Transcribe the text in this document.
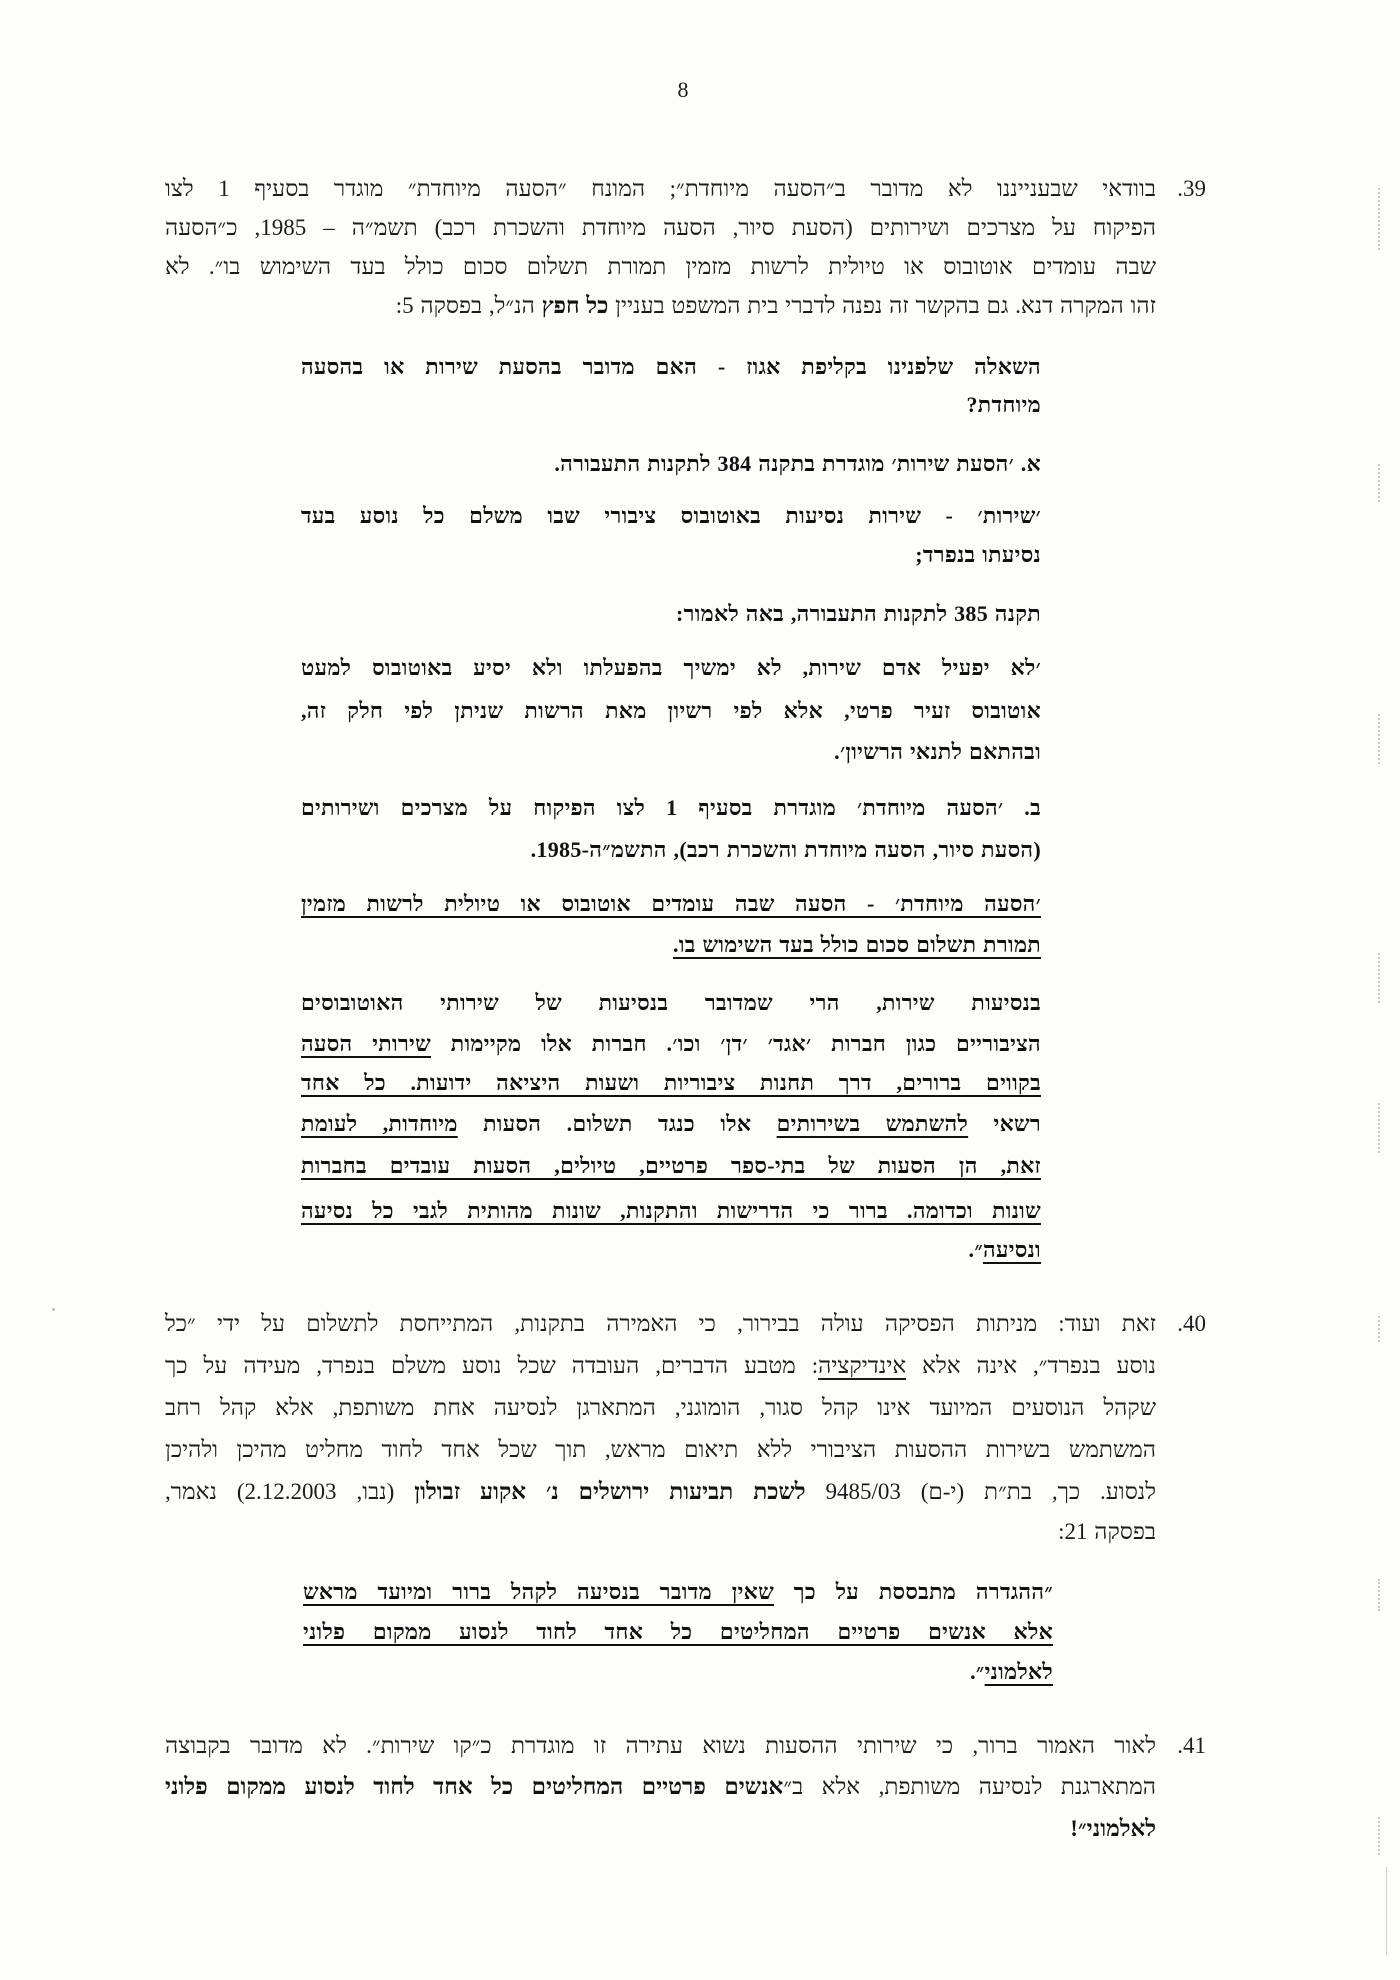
8
39.
בוודאי שבענייננו לא מדובר ב״הסעה מיוחדת״; המונח ״הסעה מיוחדת״ מוגדר בסעיף 1 לצו
הפיקוח על מצרכים ושירותים (הסעת סיור, הסעה מיוחדת והשכרת רכב) תשמ״ה – 1985, כ״הסעה
שבה עומדים אוטובוס או טיולית לרשות מזמין תמורת תשלום סכום כולל בעד השימוש בו״. לא
זהו המקרה דנא. גם בהקשר זה נפנה לדברי בית המשפט בעניין כל חפץ הנ״ל, בפסקה 5:
השאלה שלפנינו בקליפת אגוז - האם מדובר בהסעת שירות או בהסעה
מיוחדת?
א. ׳הסעת שירות׳ מוגדרת בתקנה 384 לתקנות התעבורה.
׳שירות׳ - שירות נסיעות באוטובוס ציבורי שבו משלם כל נוסע בעד
נסיעתו בנפרד;
תקנה 385 לתקנות התעבורה, באה לאמור:
׳לא יפעיל אדם שירות, לא ימשיך בהפעלתו ולא יסיע באוטובוס למעט
אוטובוס זעיר פרטי, אלא לפי רשיון מאת הרשות שניתן לפי חלק זה,
ובהתאם לתנאי הרשיון׳.
ב. ׳הסעה מיוחדת׳ מוגדרת בסעיף 1 לצו הפיקוח על מצרכים ושירותים
(הסעת סיור, הסעה מיוחדת והשכרת רכב), התשמ״ה-1985.
׳הסעה מיוחדת׳ - הסעה שבה עומדים אוטובוס או טיולית לרשות מזמין
תמורת תשלום סכום כולל בעד השימוש בו.
בנסיעות שירות, הרי שמדובר בנסיעות של שירותי האוטובוסים
הציבוריים כגון חברות ׳אגד׳ ׳דן׳ וכו׳. חברות אלו מקיימות שירותי הסעה
בקווים ברורים, דרך תחנות ציבוריות ושעות היציאה ידועות. כל אחד
רשאי להשתמש בשירותים אלו כנגד תשלום. הסעות מיוחדות, לעומת
זאת, הן הסעות של בתי-ספר פרטיים, טיולים, הסעות עובדים בחברות
שונות וכדומה. ברור כי הדרישות והתקנות, שונות מהותית לגבי כל נסיעה
ונסיעה״.
40.
זאת ועוד: מניתות הפסיקה עולה בבירור, כי האמירה בתקנות, המתייחסת לתשלום על ידי ״כל
נוסע בנפרד״, אינה אלא אינדיקציה: מטבע הדברים, העובדה שכל נוסע משלם בנפרד, מעידה על כך
שקהל הנוסעים המיועד אינו קהל סגור, הומוגני, המתארגן לנסיעה אחת משותפת, אלא קהל רחב
המשתמש בשירות ההסעות הציבורי ללא תיאום מראש, תוך שכל אחד לחוד מחליט מהיכן ולהיכן
לנסוע. כך, בת״ת (י-ם) 9485/03 לשכת תביעות ירושלים נ׳ אקוע זבולון (נבו, 2.12.2003) נאמר,
בפסקה 21:
״ההגדרה מתבססת על כך שאין מדובר בנסיעה לקהל ברור ומיועד מראש
אלא אנשים פרטיים המחליטים כל אחד לחוד לנסוע ממקום פלוני
לאלמוני״.
41.
לאור האמור ברור, כי שירותי ההסעות נשוא עתירה זו מוגדרת כ״קו שירות״. לא מדובר בקבוצה
המתארגנת לנסיעה משותפת, אלא ב״אנשים פרטיים המחליטים כל אחד לחוד לנסוע ממקום פלוני
לאלמוני״!
